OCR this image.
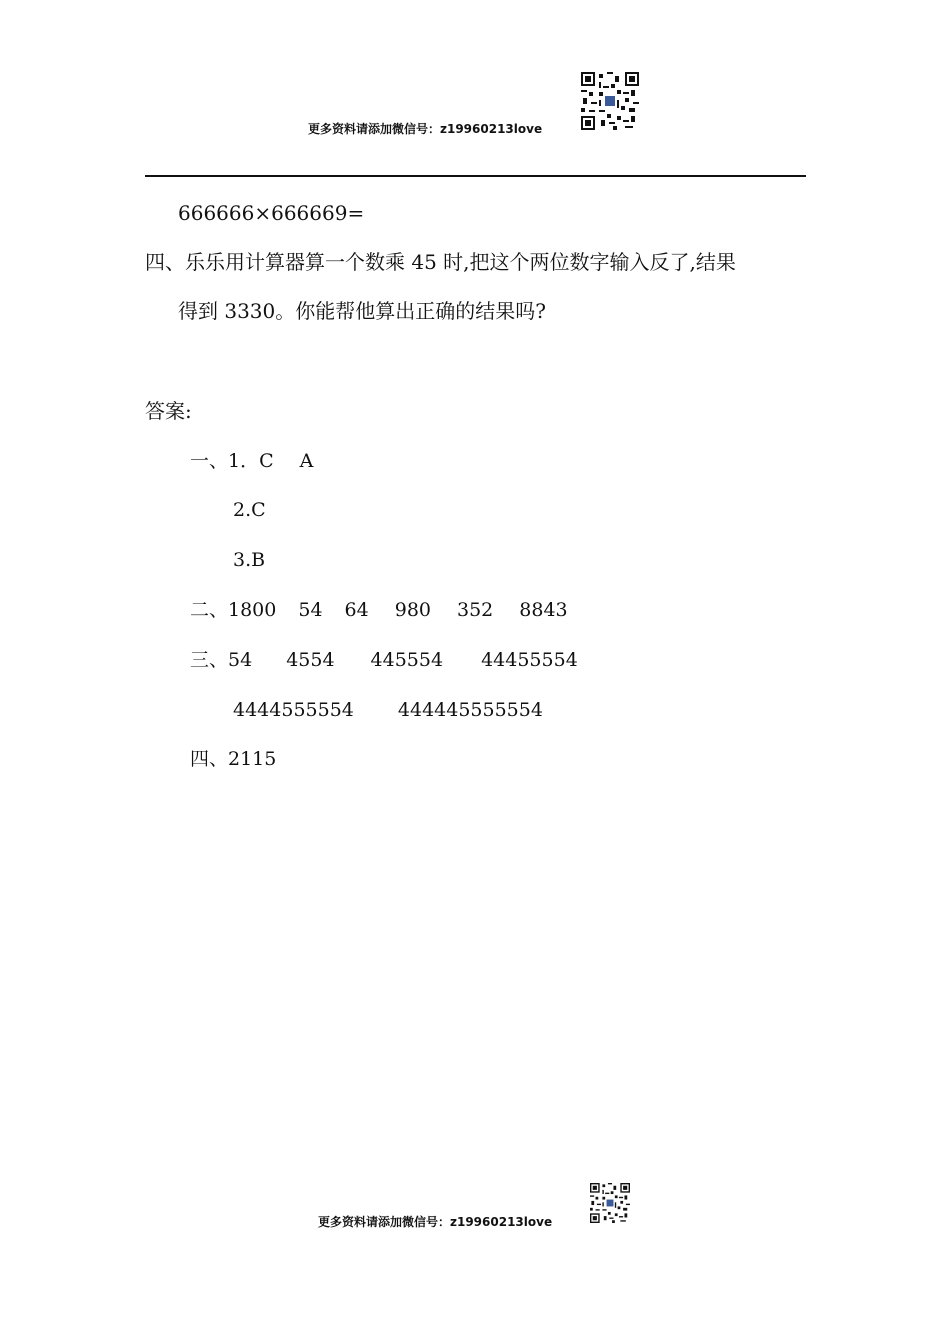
更多资料请添加微信号：z19960213love
666666×666669=
四、乐乐用计算器算一个数乘 45 时,把这个两位数字输入反了,结果
得到 3330。你能帮他算出正确的结果吗?
答案:
一、1．C A
2.C
3.B
二、1800 54 64 980 352 8843
三、54 4554 445554 44455554
4444555554 444445555554
四、2115
更多资料请添加微信号：z19960213love
